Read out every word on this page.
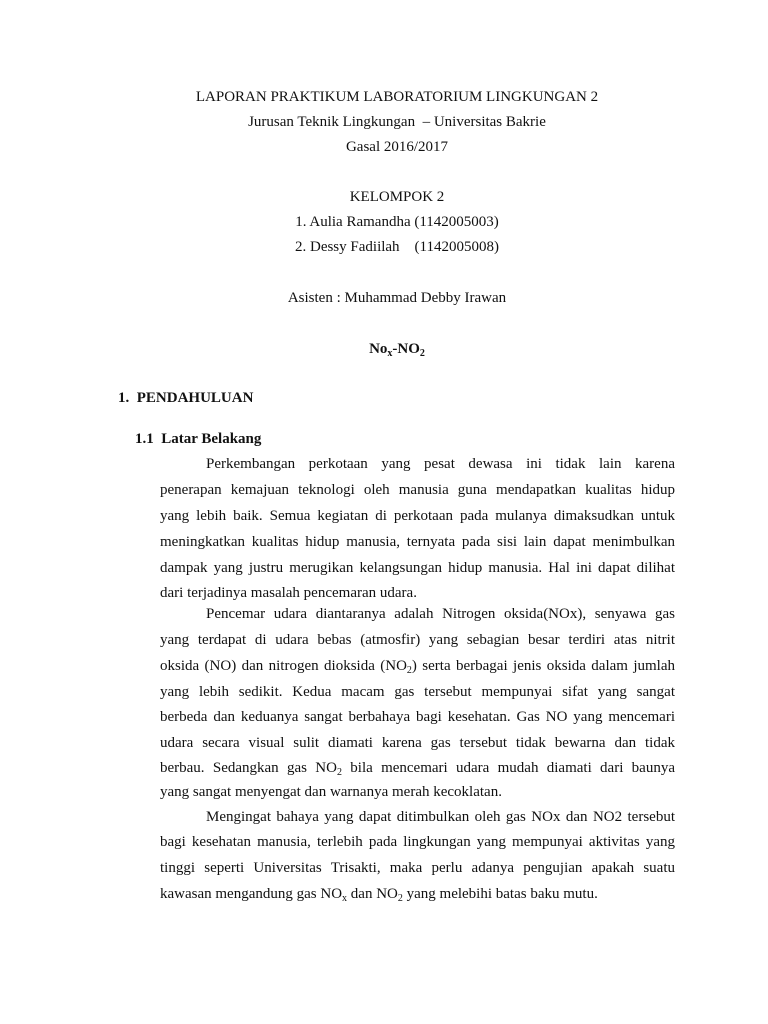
LAPORAN PRAKTIKUM LABORATORIUM LINGKUNGAN 2
Jurusan Teknik Lingkungan  – Universitas Bakrie
Gasal 2016/2017
KELOMPOK 2
1. Aulia Ramandha (1142005003)
2. Dessy Fadiilah    (1142005008)
Asisten : Muhammad Debby Irawan
$No_x-NO_2$
1.  PENDAHULUAN
1.1  Latar Belakang
Perkembangan perkotaan yang pesat dewasa ini tidak lain karena
penerapan kemajuan teknologi oleh manusia guna mendapatkan kualitas hidup
yang lebih baik. Semua kegiatan di perkotaan pada mulanya dimaksudkan untuk
meningkatkan kualitas hidup manusia, ternyata pada sisi lain dapat menimbulkan
dampak yang justru merugikan kelangsungan hidup manusia. Hal ini dapat dilihat
dari terjadinya masalah pencemaran udara.
Pencemar udara diantaranya adalah Nitrogen oksida(NOx), senyawa gas
yang terdapat di udara bebas (atmosfir) yang sebagian besar terdiri atas nitrit
oksida (NO) dan nitrogen dioksida $(NO_2)$ serta berbagai jenis oksida dalam jumlah
yang lebih sedikit. Kedua macam gas tersebut mempunyai sifat yang sangat
berbeda dan keduanya sangat berbahaya bagi kesehatan. Gas NO yang mencemari
udara secara visual sulit diamati karena gas tersebut tidak bewarna dan tidak
berbau. Sedangkan gas $NO_2$ bila mencemari udara mudah diamati dari baunya
yang sangat menyengat dan warnanya merah kecoklatan.
Mengingat bahaya yang dapat ditimbulkan oleh gas NOx dan NO2 tersebut
bagi kesehatan manusia, terlebih pada lingkungan yang mempunyai aktivitas yang
tinggi seperti Universitas Trisakti, maka perlu adanya pengujian apakah suatu
kawasan mengandung gas $NO_x$ dan $NO_2$ yang melebihi batas baku mutu.
